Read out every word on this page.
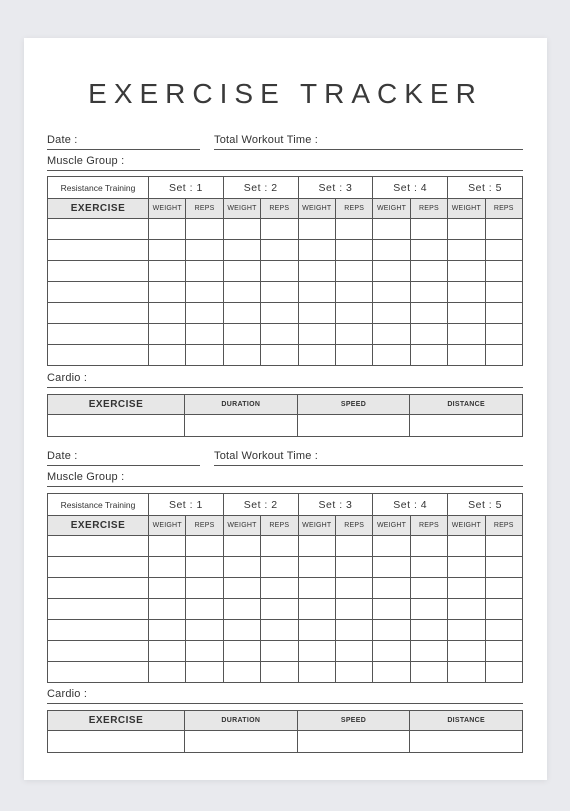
EXERCISE TRACKER
Date :	Total Workout Time :
Muscle Group :
Resistance Training	Set : 1		Set : 2		Set : 3		Set : 4		Set : 5	
EXERCISE	WEIGHT	REPS	WEIGHT	REPS	WEIGHT	REPS	WEIGHT	REPS	WEIGHT	REPS

Cardio :
EXERCISE	DURATION	SPEED	DISTANCE

Date :	Total Workout Time :
Muscle Group :
Resistance Training	Set : 1		Set : 2		Set : 3		Set : 4		Set : 5	
EXERCISE	WEIGHT	REPS	WEIGHT	REPS	WEIGHT	REPS	WEIGHT	REPS	WEIGHT	REPS

Cardio :
EXERCISE	DURATION	SPEED	DISTANCE
